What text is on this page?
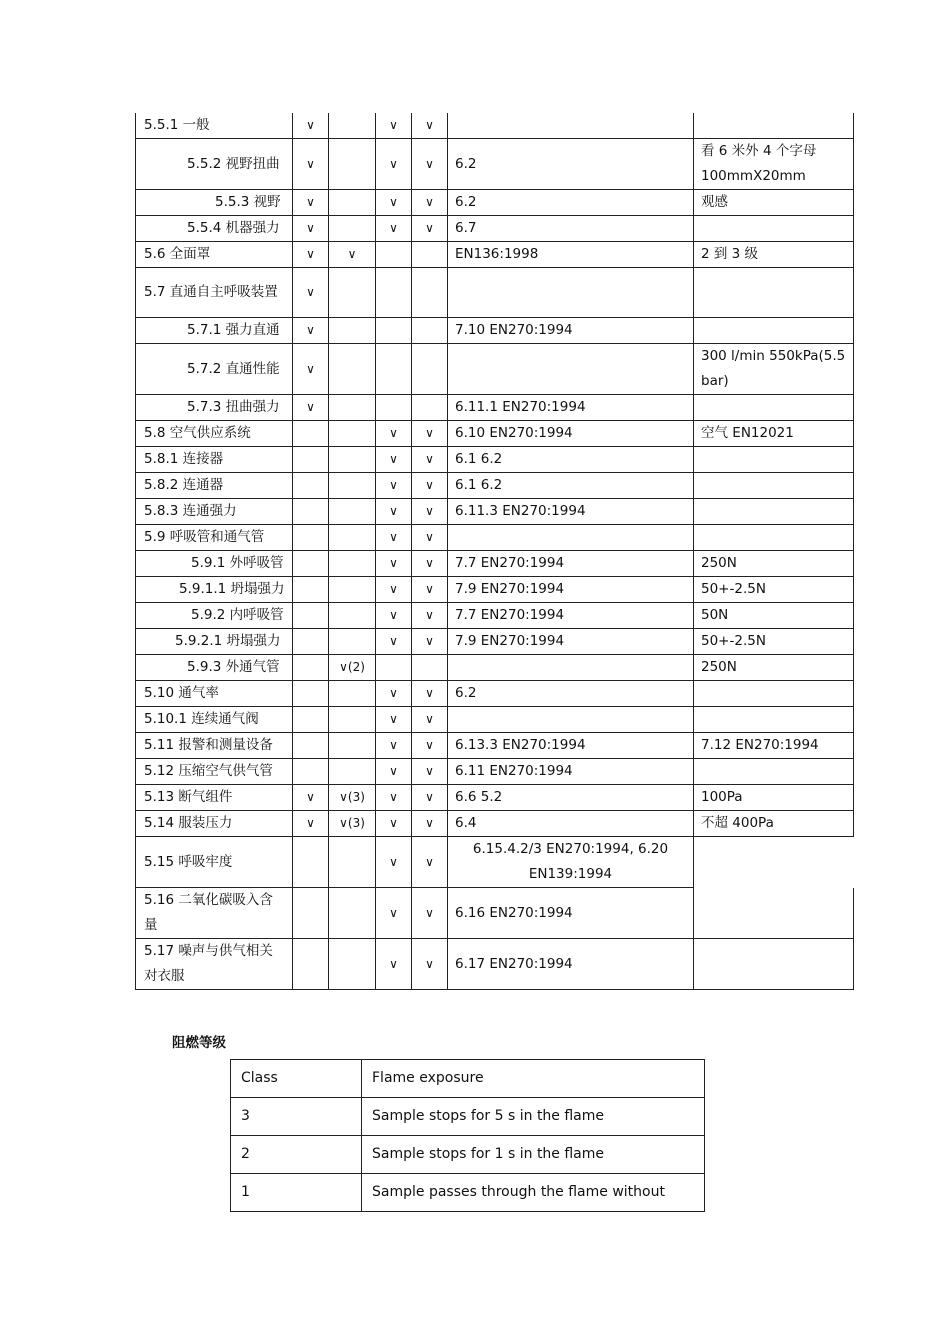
5.5.1 一般	∨		∨	∨		
5.5.2 视野扭曲	∨		∨	∨	6.2	看 6 米外 4 个字母 100mmX20mm
5.5.3 视野	∨		∨	∨	6.2	观感
5.5.4 机器强力	∨		∨	∨	6.7	
5.6 全面罩	∨	∨			EN136:1998	2 到 3 级
5.7 直通自主呼吸装置	∨					
5.7.1 强力直通	∨				7.10 EN270:1994	
5.7.2 直通性能	∨					300 l/min 550kPa(5.5 bar)
5.7.3 扭曲强力	∨				6.11.1 EN270:1994	
5.8 空气供应系统			∨	∨	6.10 EN270:1994	空气 EN12021
5.8.1 连接器			∨	∨	6.1 6.2	
5.8.2 连通器			∨	∨	6.1 6.2	
5.8.3 连通强力			∨	∨	6.11.3 EN270:1994	
5.9 呼吸管和通气管			∨	∨		
5.9.1 外呼吸管			∨	∨	7.7 EN270:1994	250N
5.9.1.1 坍塌强力			∨	∨	7.9 EN270:1994	50+-2.5N
5.9.2 内呼吸管			∨	∨	7.7 EN270:1994	50N
5.9.2.1 坍塌强力			∨	∨	7.9 EN270:1994	50+-2.5N
5.9.3 外通气管		∨(2)				250N
5.10 通气率			∨	∨	6.2	
5.10.1 连续通气阀			∨	∨		
5.11 报警和测量设备			∨	∨	6.13.3 EN270:1994	7.12 EN270:1994
5.12 压缩空气供气管			∨	∨	6.11 EN270:1994	
5.13 断气组件	∨	∨(3)	∨	∨	6.6 5.2	100Pa
5.14 服装压力	∨	∨(3)	∨	∨	6.4	不超 400Pa
5.15 呼吸牢度			∨	∨	6.15.4.2/3 EN270:1994, 6.20 EN139:1994	
5.16 二氧化碳吸入含量			∨	∨	6.16 EN270:1994	
5.17 噪声与供气相关对衣服			∨	∨	6.17 EN270:1994	

阻燃等级

Class	Flame exposure
3	Sample stops for 5 s in the flame
2	Sample stops for 1 s in the flame
1	Sample passes through the flame without
